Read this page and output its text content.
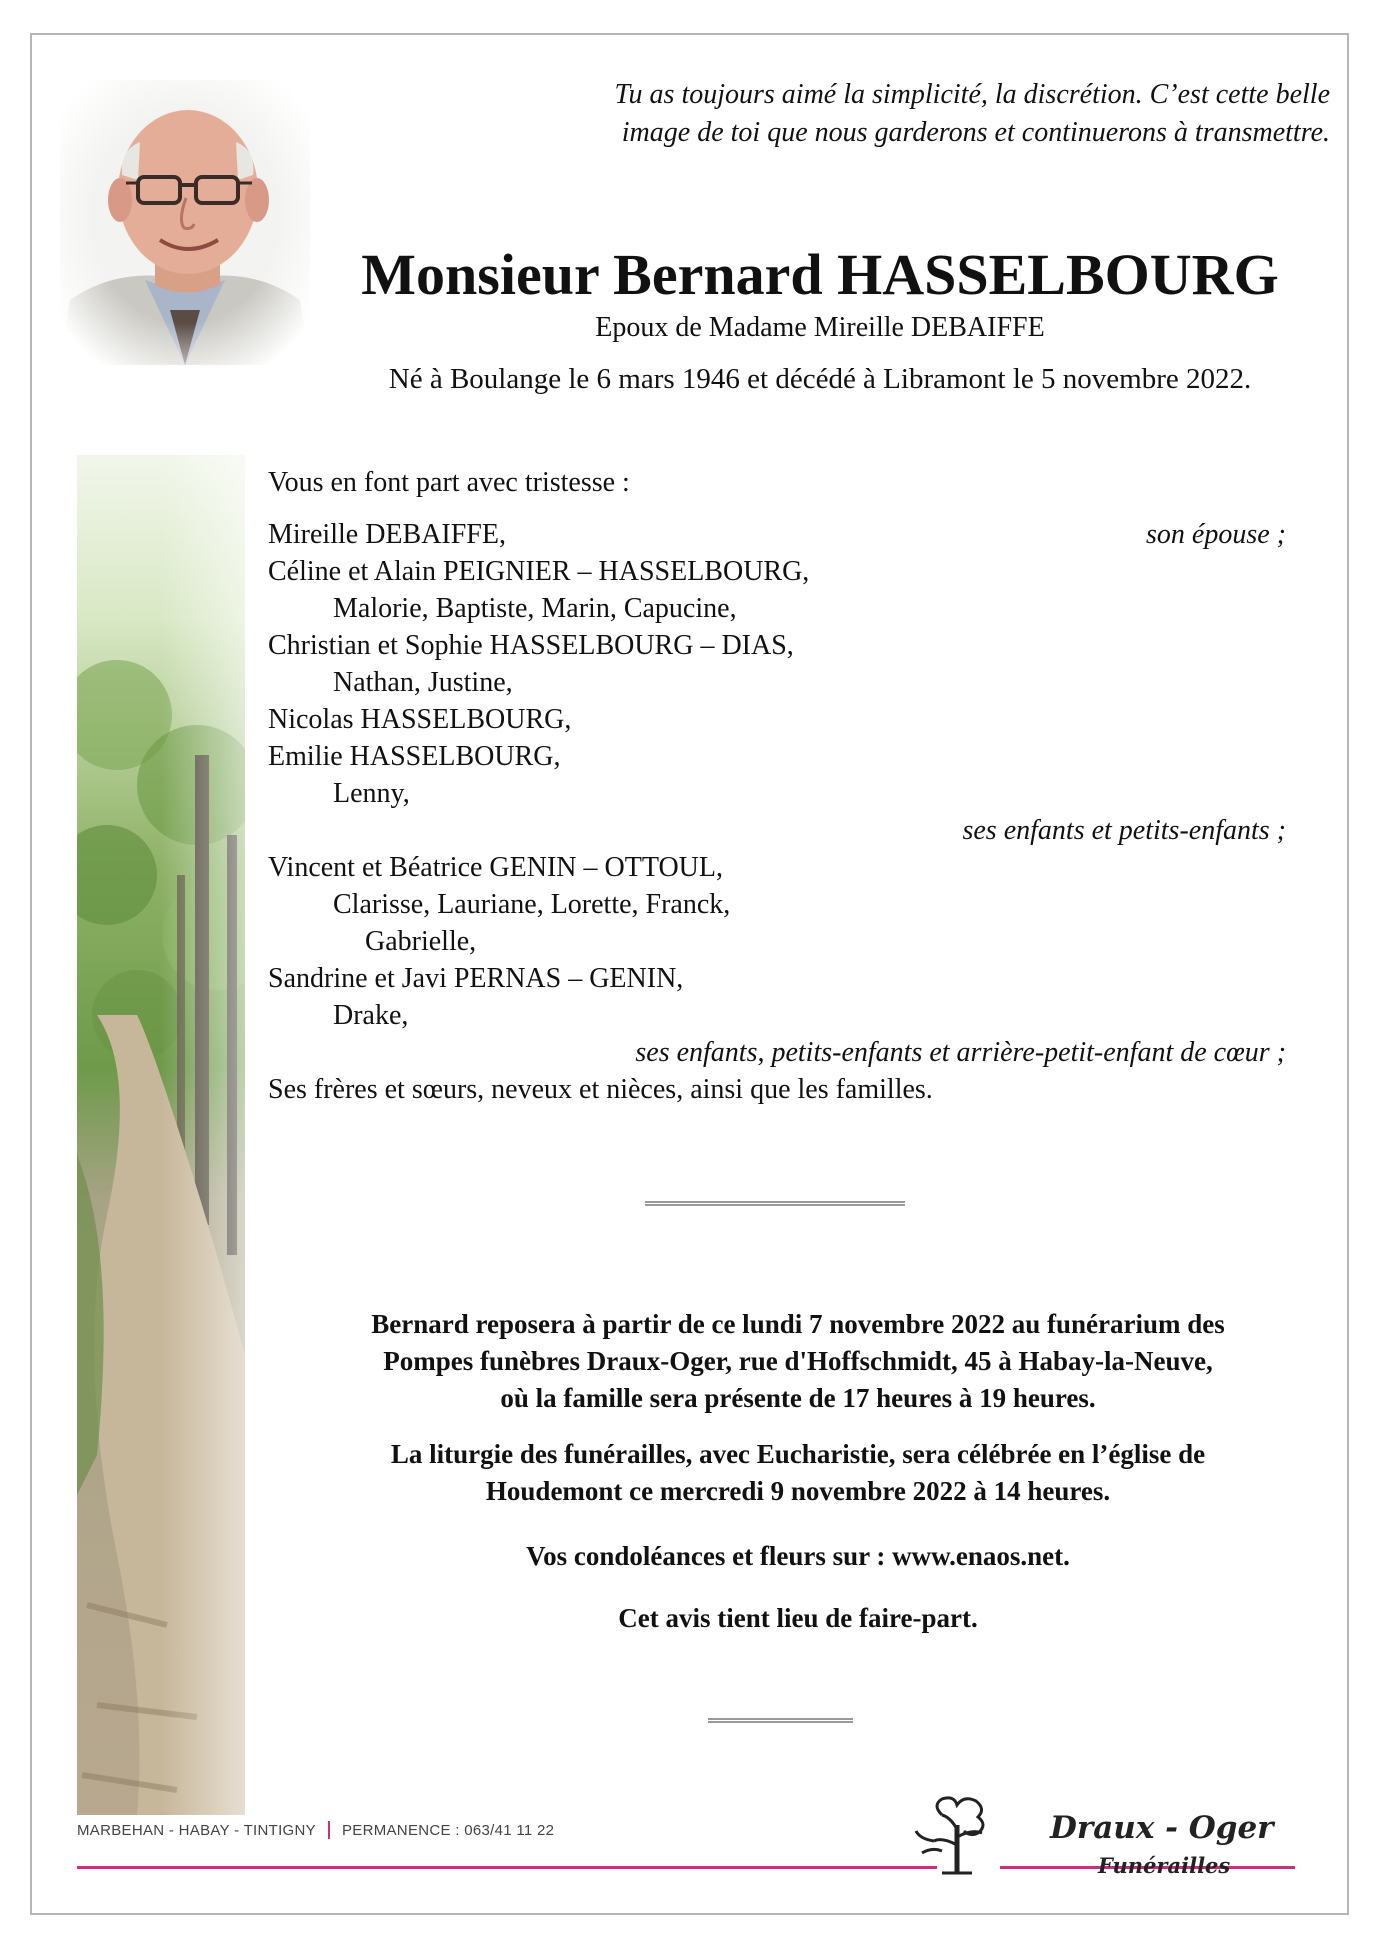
Tu as toujours aimé la simplicité, la discrétion. C’est cette belle
image de toi que nous garderons et continuerons à transmettre.
Monsieur Bernard HASSELBOURG
Epoux de Madame Mireille DEBAIFFE
Né à Boulange le 6 mars 1946 et décédé à Libramont le 5 novembre 2022.
Vous en font part avec tristesse :
Mireille DEBAIFFE,	son épouse ;
Céline et Alain PEIGNIER – HASSELBOURG,
Malorie, Baptiste, Marin, Capucine,
Christian et Sophie HASSELBOURG – DIAS,
Nathan, Justine,
Nicolas HASSELBOURG,
Emilie HASSELBOURG,
Lenny,
ses enfants et petits-enfants ;
Vincent et Béatrice GENIN – OTTOUL,
Clarisse, Lauriane, Lorette, Franck,
Gabrielle,
Sandrine et Javi PERNAS – GENIN,
Drake,
ses enfants, petits-enfants et arrière-petit-enfant de cœur ;
Ses frères et sœurs, neveux et nièces, ainsi que les familles.
Bernard reposera à partir de ce lundi 7 novembre 2022 au funérarium des
Pompes funèbres Draux-Oger, rue d'Hoffschmidt, 45 à Habay-la-Neuve,
où la famille sera présente de 17 heures à 19 heures.
La liturgie des funérailles, avec Eucharistie, sera célébrée en l’église de
Houdemont ce mercredi 9 novembre 2022 à 14 heures.
Vos condoléances et fleurs sur : www.enaos.net.
Cet avis tient lieu de faire-part.
MARBEHAN - HABAY - TINTIGNY PERMANENCE : 063/41 11 22	Draux - Oger
Funérailles
